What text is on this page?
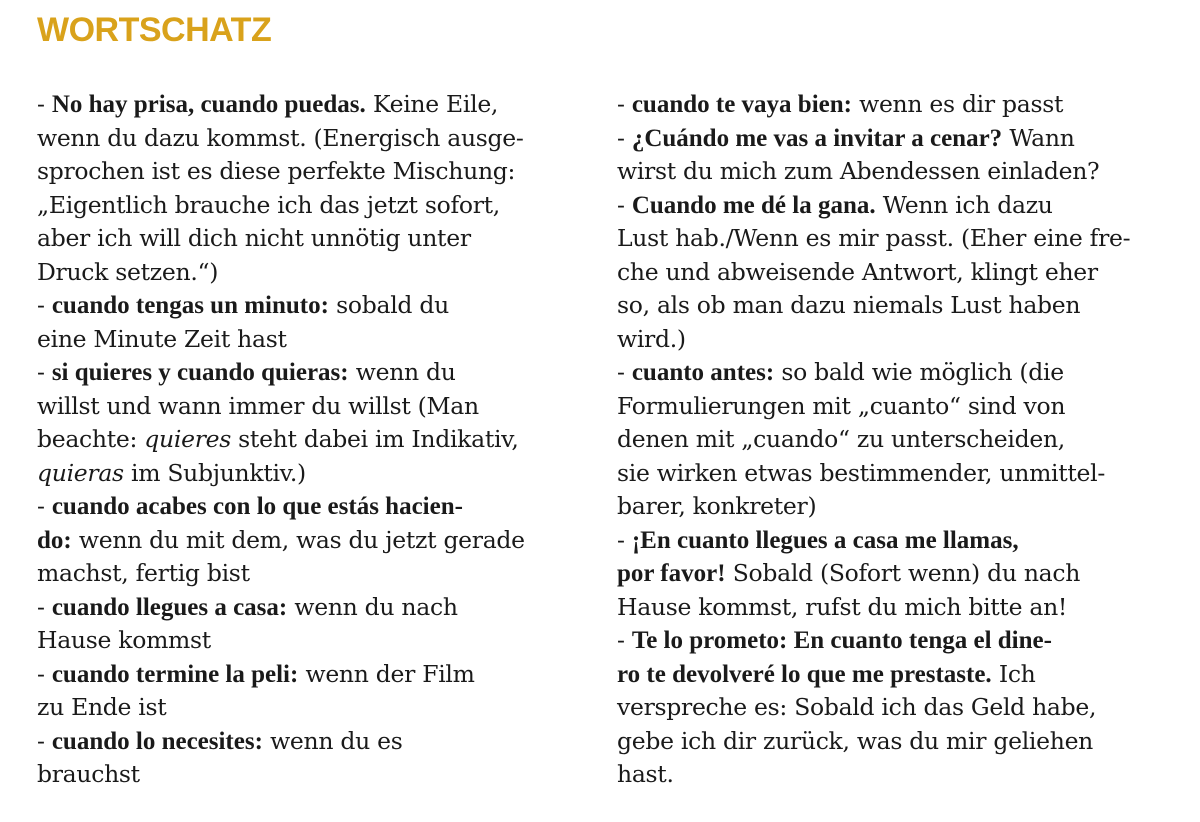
WORTSCHATZ
- No hay prisa, cuando puedas. Keine Eile,
wenn du dazu kommst. (Energisch ausge-
sprochen ist es diese perfekte Mischung:
„Eigentlich brauche ich das jetzt sofort,
aber ich will dich nicht unnötig unter
Druck setzen.“)
- cuando tengas un minuto: sobald du
eine Minute Zeit hast
- si quieres y cuando quieras: wenn du
willst und wann immer du willst (Man
beachte: quieres steht dabei im Indikativ,
quieras im Subjunktiv.)
- cuando acabes con lo que estás hacien-
do: wenn du mit dem, was du jetzt gerade
machst, fertig bist
- cuando llegues a casa: wenn du nach
Hause kommst
- cuando termine la peli: wenn der Film
zu Ende ist
- cuando lo necesites: wenn du es
brauchst
- cuando te vaya bien: wenn es dir passt
- ¿Cuándo me vas a invitar a cenar? Wann
wirst du mich zum Abendessen einladen?
- Cuando me dé la gana. Wenn ich dazu
Lust hab./Wenn es mir passt. (Eher eine fre-
che und abweisende Antwort, klingt eher
so, als ob man dazu niemals Lust haben
wird.)
- cuanto antes: so bald wie möglich (die
Formulierungen mit „cuanto“ sind von
denen mit „cuando“ zu unterscheiden,
sie wirken etwas bestimmender, unmittel-
barer, konkreter)
- ¡En cuanto llegues a casa me llamas,
por favor! Sobald (Sofort wenn) du nach
Hause kommst, rufst du mich bitte an!
- Te lo prometo: En cuanto tenga el dine-
ro te devolveré lo que me prestaste. Ich
verspreche es: Sobald ich das Geld habe,
gebe ich dir zurück, was du mir geliehen
hast.
